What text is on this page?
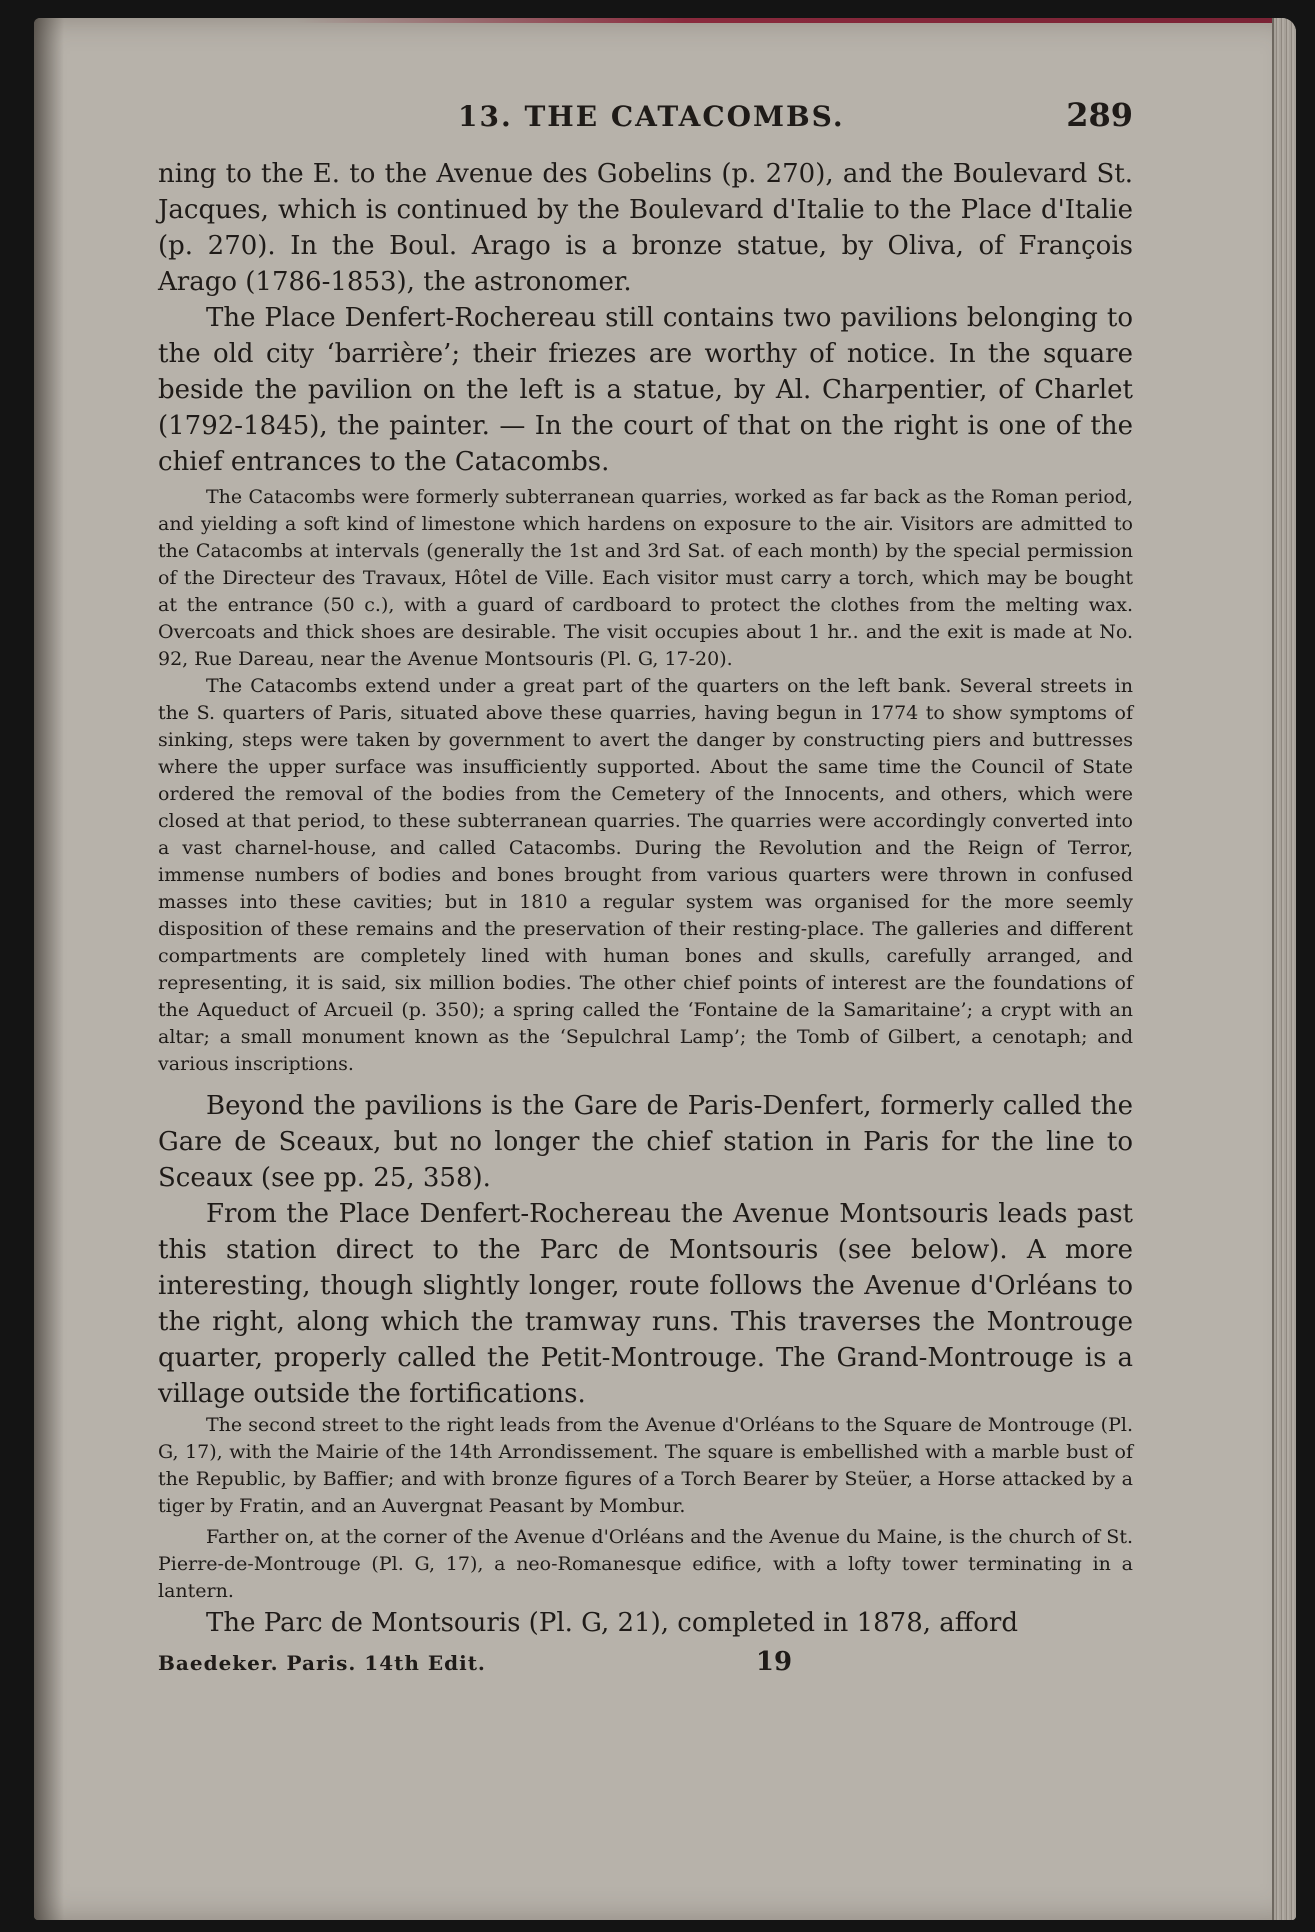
13. THE CATACOMBS.	289

ning to the E. to the Avenue des Gobelins (p. 270), and the Boulevard St. Jacques, which is continued by the Boulevard d'Italie to the Place d'Italie (p. 270). In the Boul. Arago is a bronze statue, by Oliva, of François Arago (1786-1853), the astronomer.

The Place Denfert-Rochereau still contains two pavilions belonging to the old city ‘barrière’; their friezes are worthy of notice. In the square beside the pavilion on the left is a statue, by Al. Charpentier, of Charlet (1792-1845), the painter. — In the court of that on the right is one of the chief entrances to the Catacombs.

The Catacombs were formerly subterranean quarries, worked as far back as the Roman period, and yielding a soft kind of limestone which hardens on exposure to the air. Visitors are admitted to the Catacombs at intervals (generally the 1st and 3rd Sat. of each month) by the special permission of the Directeur des Travaux, Hôtel de Ville. Each visitor must carry a torch, which may be bought at the entrance (50 c.), with a guard of cardboard to protect the clothes from the melting wax. Overcoats and thick shoes are desirable. The visit occupies about 1 hr.. and the exit is made at No. 92, Rue Dareau, near the Avenue Montsouris (Pl. G, 17-20).

The Catacombs extend under a great part of the quarters on the left bank. Several streets in the S. quarters of Paris, situated above these quarries, having begun in 1774 to show symptoms of sinking, steps were taken by government to avert the danger by constructing piers and buttresses where the upper surface was insufficiently supported. About the same time the Council of State ordered the removal of the bodies from the Cemetery of the Innocents, and others, which were closed at that period, to these subterranean quarries. The quarries were accordingly converted into a vast charnel-house, and called Catacombs. During the Revolution and the Reign of Terror, immense numbers of bodies and bones brought from various quarters were thrown in confused masses into these cavities; but in 1810 a regular system was organised for the more seemly disposition of these remains and the preservation of their resting-place. The galleries and different compartments are completely lined with human bones and skulls, carefully arranged, and representing, it is said, six million bodies. The other chief points of interest are the foundations of the Aqueduct of Arcueil (p. 350); a spring called the ‘Fontaine de la Samaritaine’; a crypt with an altar; a small monument known as the ‘Sepulchral Lamp’; the Tomb of Gilbert, a cenotaph; and various inscriptions.

Beyond the pavilions is the Gare de Paris-Denfert, formerly called the Gare de Sceaux, but no longer the chief station in Paris for the line to Sceaux (see pp. 25, 358).

From the Place Denfert-Rochereau the Avenue Montsouris leads past this station direct to the Parc de Montsouris (see below). A more interesting, though slightly longer, route follows the Avenue d'Orléans to the right, along which the tramway runs. This traverses the Montrouge quarter, properly called the Petit-Montrouge. The Grand-Montrouge is a village outside the fortifications.

The second street to the right leads from the Avenue d'Orléans to the Square de Montrouge (Pl. G, 17), with the Mairie of the 14th Arrondissement. The square is embellished with a marble bust of the Republic, by Baffier; and with bronze figures of a Torch Bearer by Steüer, a Horse attacked by a tiger by Fratin, and an Auvergnat Peasant by Mombur.

Farther on, at the corner of the Avenue d'Orléans and the Avenue du Maine, is the church of St. Pierre-de-Montrouge (Pl. G, 17), a neo-Romanesque edifice, with a lofty tower terminating in a lantern.

The Parc de Montsouris (Pl. G, 21), completed in 1878, afford

Baedeker. Paris. 14th Edit.	19
